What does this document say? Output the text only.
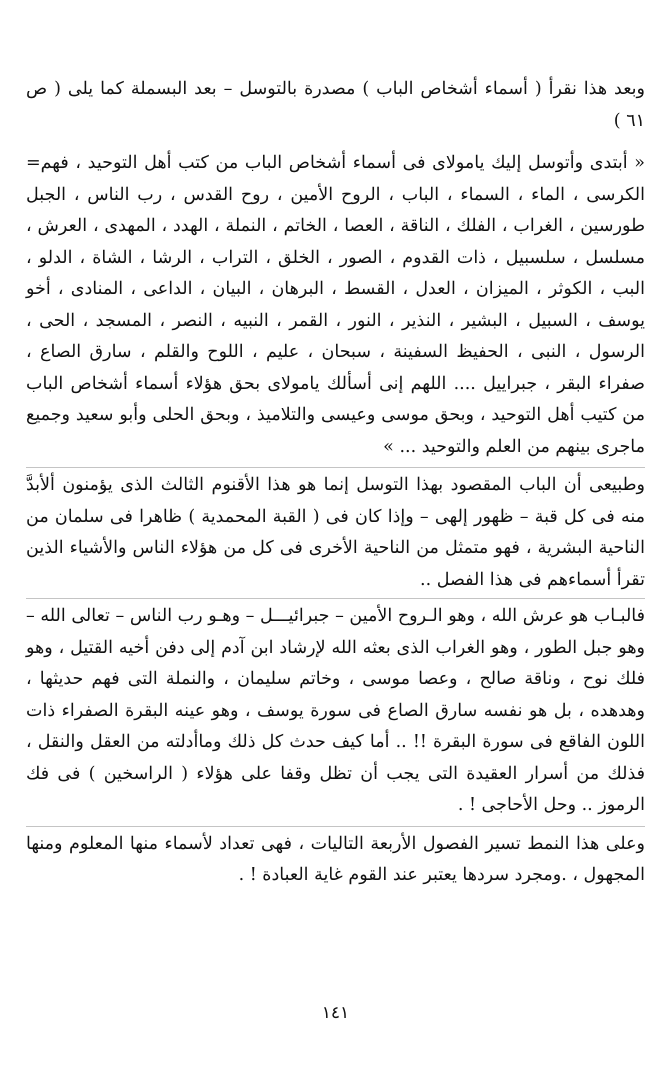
وبعد هذا نقرأ ( أسماء أشخاص الباب ) مصدرة بالتوسل – بعد البسملة كما يلى ( ص ٦١ )

« أبتدى وأتوسل إليك يامولاى فى أسماء أشخاص الباب من كتب أهل التوحيد ، فهم= الكرسى ، الماء ، السماء ، الباب ، الروح الأمين ، روح القدس ، رب الناس ، الجبل طورسين ، الغراب ، الفلك ، الناقة ، العصا ، الخاتم ، النملة ، الهدد ، المهدى ، العرش ، مسلسل ، سلسبيل ، ذات القدوم ، الصور ، الخلق ، التراب ، الرشا ، الشاة ، الدلو ، البب ، الكوثر ، الميزان ، العدل ، القسط ، البرهان ، البيان ، الداعى ، المنادى ، أخو يوسف ، السبيل ، البشير ، النذير ، النور ، القمر ، النبيه ، النصر ، المسجد ، الحى ، الرسول ، النبى ، الحفيظ السفينة ، سبحان ، عليم ، اللوح والقلم ، سارق الصاع ، صفراء البقر ، جبراييل .... اللهم إنى أسألك يامولاى بحق هؤلاء أسماء أشخاص الباب من كتيب أهل التوحيد ، وبحق موسى وعيسى والتلاميذ ، وبحق الحلى وأبو سعيد وجميع ماجرى بينهم من العلم والتوحيد ... »

وطبيعى أن الباب المقصود بهذا التوسل إنما هو هذا الأقنوم الثالث الذى يؤمنون ألأبدَّ منه فى كل قبة – ظهور إلهى – وإذا كان فى ( القبة المحمدية ) ظاهرا فى سلمان من الناحية البشرية ، فهو متمثل من الناحية الأخرى فى كل من هؤلاء الناس والأشياء الذين تقرأ أسماءهم فى هذا الفصل ..

فالبـاب هو عرش الله ، وهو الـروح الأمين – جبرائيـــل – وهـو رب الناس – تعالى الله – وهو جبل الطور ، وهو الغراب الذى بعثه الله لإرشاد ابن آدم إلى دفن أخيه القتيل ، وهو فلك نوح ، وناقة صالح ، وعصا موسى ، وخاتم سليمان ، والنملة التى فهم حديثها ، وهدهده ، بل هو نفسه سارق الصاع فى سورة يوسف ، وهو عينه البقرة الصفراء ذات اللون الفاقع فى سورة البقرة !! .. أما كيف حدث كل ذلك وماأدلته من العقل والنقل ، فذلك من أسرار العقيدة التى يجب أن تظل وقفا على هؤلاء ( الراسخين ) فى فك الرموز .. وحل الأحاجى ! .

وعلى هذا النمط تسير الفصول الأربعة التاليات ، فهى تعداد لأسماء منها المعلوم ومنها المجهول ، .ومجرد سردها يعتبر عند القوم غاية العبادة ! .

١٤١
